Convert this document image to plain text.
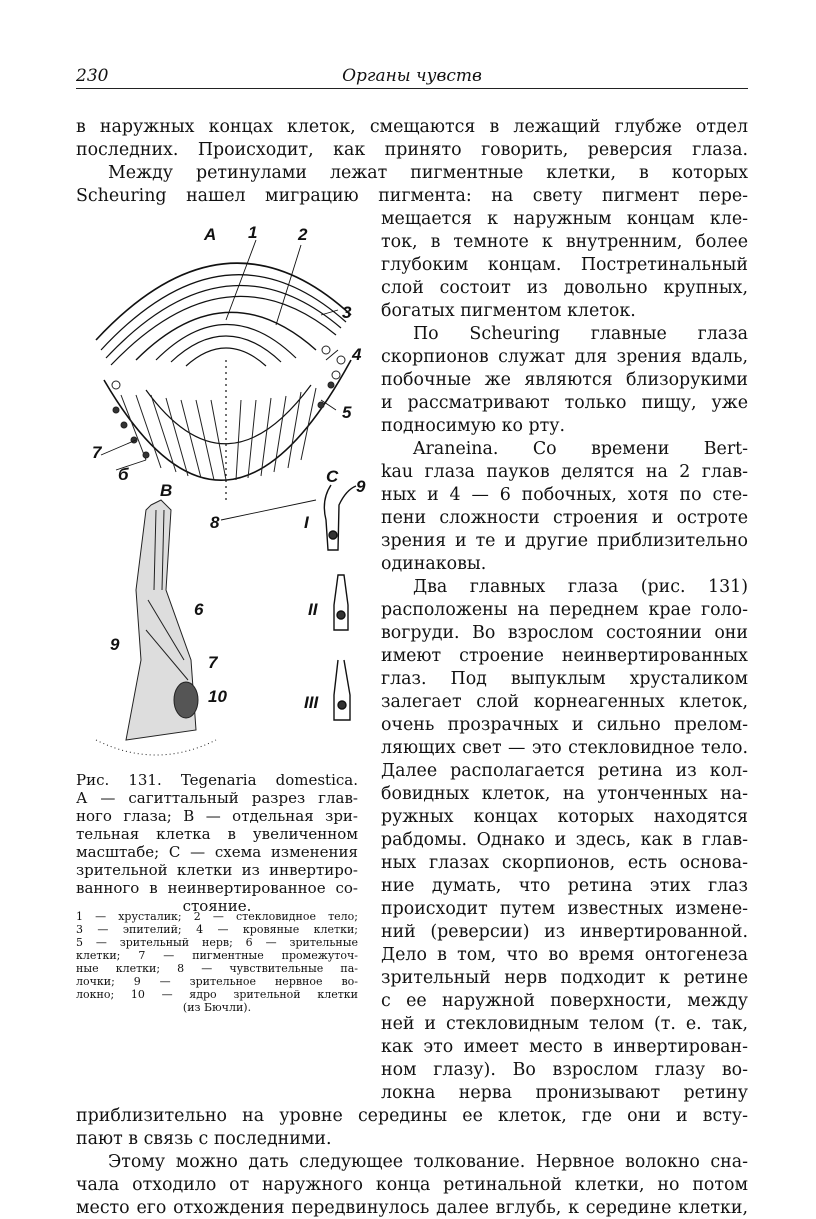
230	Органы чувств
в наружных концах клеток, смещаются в лежащий глубже отдел
последних. Происходит, как принято говорить, реверсия глаза.
Между ретинулами лежат пигментные клетки, в которых
Scheuring нашел миграцию пигмента: на свету пигмент пере-
мещается к наружным концам кле-
ток, в темноте к внутренним, более
глубоким концам. Постретинальный
слой состоит из довольно крупных,
богатых пигментом клеток.
По Scheuring главные глаза
скорпионов служат для зрения вдаль,
побочные же являются близорукими
и рассматривают только пищу, уже
подносимую ко рту.
Araneina. Со времени Bert-
kau глаза пауков делятся на 2 глав-
ных и 4 — 6 побочных, хотя по сте-
пени сложности строения и остроте
зрения и те и другие приблизительно
одинаковы.
Два главных глаза (рис. 131)
расположены на переднем крае голо-
вогруди. Во взрослом состоянии они
имеют строение неинвертированных
глаз. Под выпуклым хрусталиком
залегает слой корнеагенных клеток,
очень прозрачных и сильно прелом-
ляющих свет — это стекловидное тело.
Далее располагается ретина из кол-
бовидных клеток, на утонченных на-
ружных концах которых находятся
рабдомы. Однако и здесь, как в глав-
ных глазах скорпионов, есть основа-
ние думать, что ретина этих глаз
происходит путем известных измене-
ний (реверсии) из инвертированной.
Дело в том, что во время онтогенеза
зрительный нерв подходит к ретине
с ее наружной поверхности, между
ней и стекловидным телом (т. е. так,
как это имеет место в инвертирован-
ном глазу). Во взрослом глазу во-
локна нерва пронизывают ретину
приблизительно на уровне середины ее клеток, где они и всту-
пают в связь с последними.
Этому можно дать следующее толкование. Нервное волокно сна-
чала отходило от наружного конца ретинальной клетки, но потом
место его отхождения передвинулось далее вглубь, к середине клетки,
А 1 2
3
4
5
7
б
В
С
9
8	I
6	II
9
7
10	III
Рис. 131. Tegenaria domestica.
А — сагиттальный разрез глав-
ного глаза; В — отдельная зри-
тельная клетка в увеличенном
масштабе; С — схема изменения
зрительной клетки из инвертиро-
ванного в неинвертированное со-
стояние.
1 — хрусталик; 2 — стекловидное тело;
3 — эпителий; 4 — кровяные клетки;
5 — зрительный нерв; 6 — зрительные
клетки; 7 — пигментные промежуточ-
ные клетки; 8 — чувствительные па-
лочки; 9 — зрительное нервное во-
локно; 10 — ядро зрительной клетки
(из Бючли).
